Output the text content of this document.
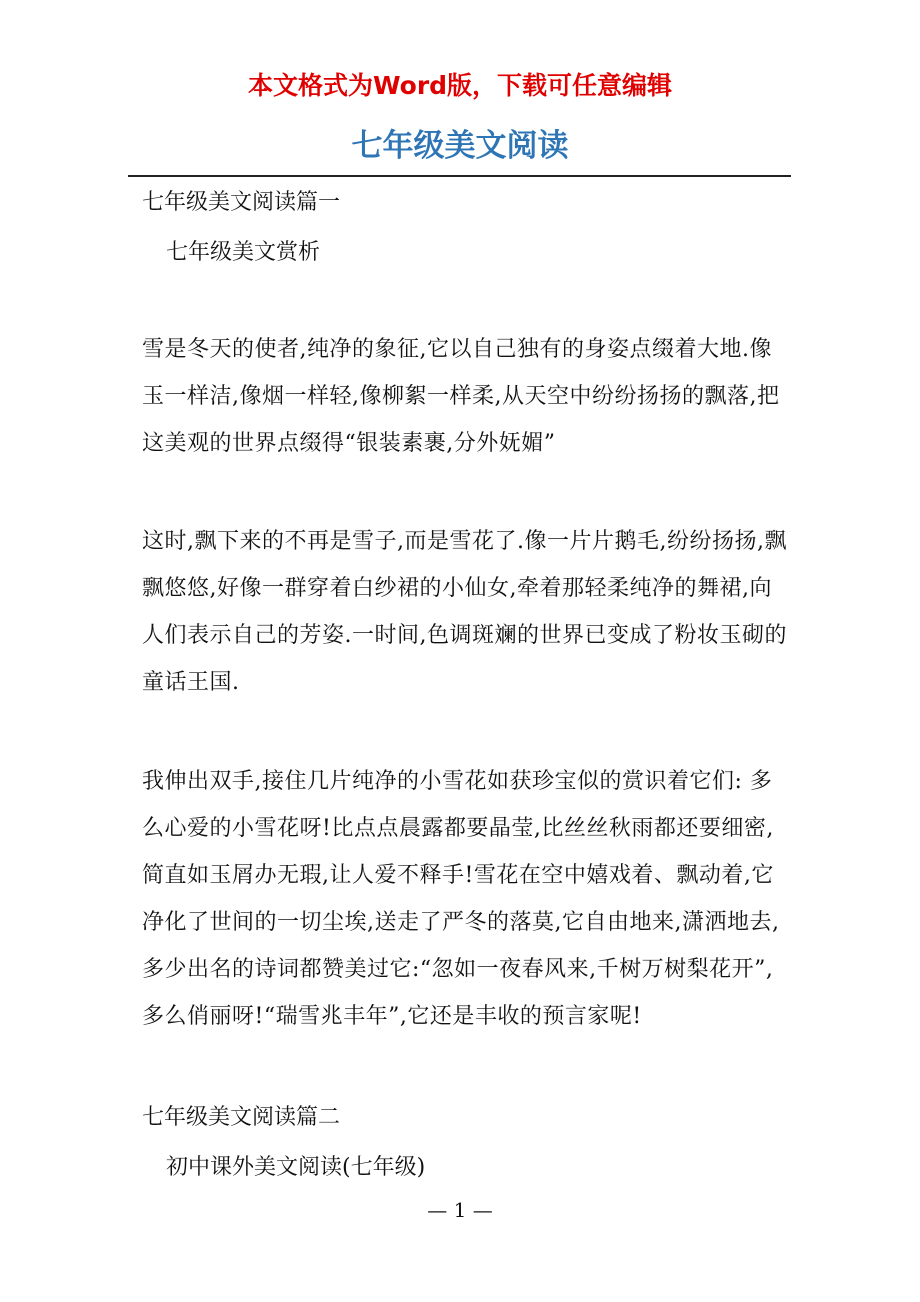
本文格式为Word版，下载可任意编辑
七年级美文阅读
七年级美文阅读篇一
七年级美文赏析
雪是冬天的使者,纯净的象征,它以自己独有的身姿点缀着大地.像玉一样洁,像烟一样轻,像柳絮一样柔,从天空中纷纷扬扬的飘落,把这美观的世界点缀得“银装素裹,分外妩媚”
这时,飘下来的不再是雪子,而是雪花了.像一片片鹅毛,纷纷扬扬,飘飘悠悠,好像一群穿着白纱裙的小仙女,牵着那轻柔纯净的舞裙,向人们表示自己的芳姿.一时间,色调斑斓的世界已变成了粉妆玉砌的童话王国.
我伸出双手,接住几片纯净的小雪花如获珍宝似的赏识着它们: 多么心爱的小雪花呀!比点点晨露都要晶莹,比丝丝秋雨都还要细密,简直如玉屑办无瑕,让人爱不释手!雪花在空中嬉戏着、飘动着,它净化了世间的一切尘埃,送走了严冬的落莫,它自由地来,潇洒地去,多少出名的诗词都赞美过它:“忽如一夜春风来,千树万树梨花开”,多么俏丽呀!“瑞雪兆丰年”,它还是丰收的预言家呢!
七年级美文阅读篇二
初中课外美文阅读(七年级)
— 1 —
